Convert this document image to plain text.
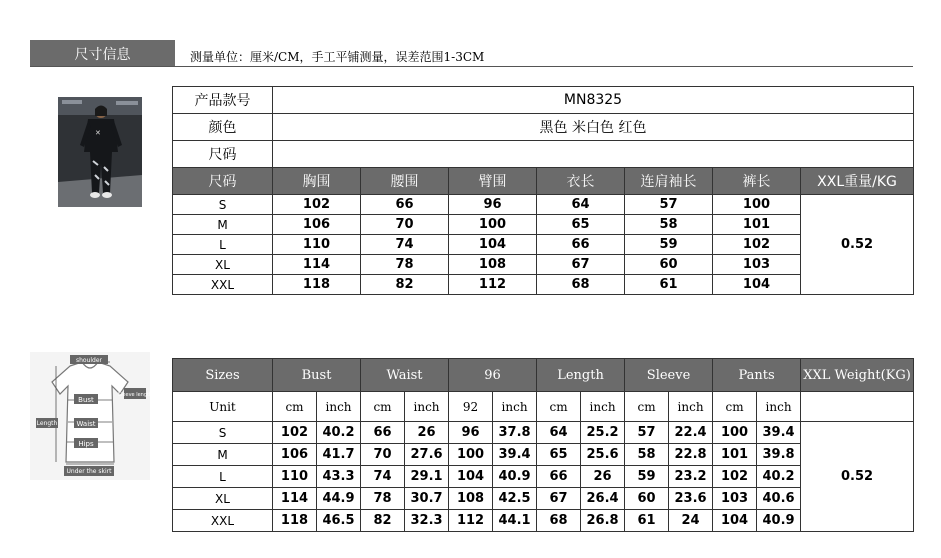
尺寸信息	测量单位：厘米/CM，手工平铺测量，误差范围1-3CM
✕
shoulder
Sleeve length
Bust
Length	Waist
Hips
Under the skirt
产品款号	MN8325						
颜色	黑色 米白色 红色						
尺码							
尺码	胸围	腰围	臂围	衣长	连肩袖长	裤长	XXL重量/KG
S	102	66	96	64	57	100	0.52
M	106	70	100	65	58	101	
L	110	74	104	66	59	102	
XL	114	78	108	67	60	103	
XXL	118	82	112	68	61	104	
Sizes	Bust		Waist		96		Length		Sleeve		Pants		XXL Weight(KG)
Unit	cm	inch	cm	inch	92	inch	cm	inch	cm	inch	cm	inch	
S	102	40.2	66	26	96	37.8	64	25.2	57	22.4	100	39.4	0.52
M	106	41.7	70	27.6	100	39.4	65	25.6	58	22.8	101	39.8	
L	110	43.3	74	29.1	104	40.9	66	26	59	23.2	102	40.2	
XL	114	44.9	78	30.7	108	42.5	67	26.4	60	23.6	103	40.6	
XXL	118	46.5	82	32.3	112	44.1	68	26.8	61	24	104	40.9	
